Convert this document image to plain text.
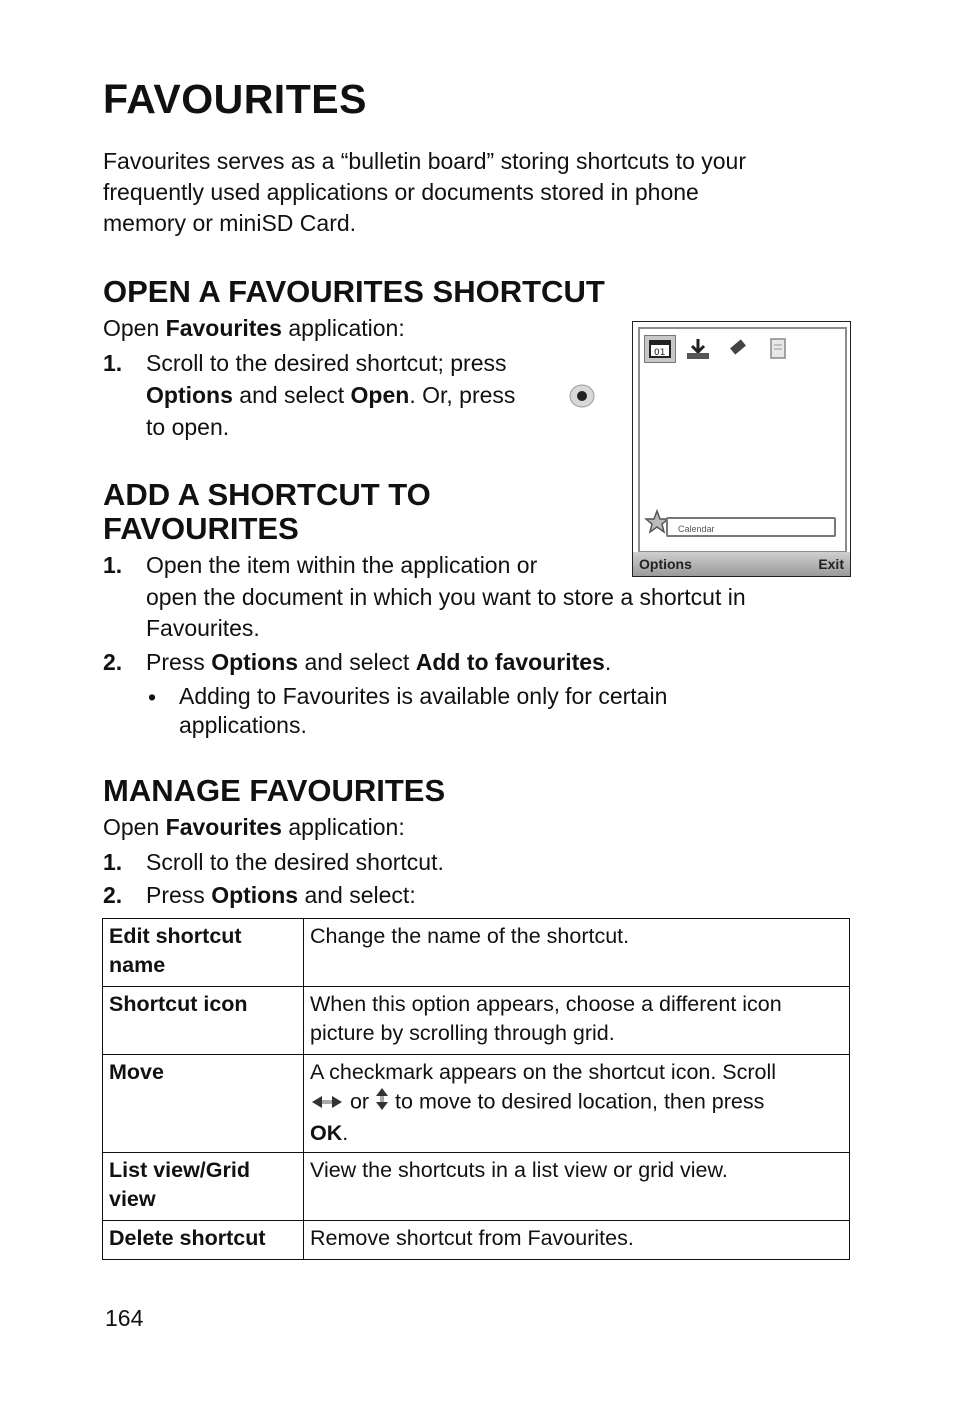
FAVOURITES
Favourites serves as a “bulletin board” storing shortcuts to your
frequently used applications or documents stored in phone
memory or miniSD Card.
OPEN A FAVOURITES SHORTCUT
Open Favourites application:
1. Scroll to the desired shortcut; press
Options and select Open. Or, press
to open.
01
Calendar
Options	Exit
ADD A SHORTCUT TO
FAVOURITES
1. Open the item within the application or
open the document in which you want to store a shortcut in
Favourites.
2. Press Options and select Add to favourites.
• Adding to Favourites is available only for certain
applications.
MANAGE FAVOURITES
Open Favourites application:
1. Scroll to the desired shortcut.
2. Press Options and select:
Edit shortcut
name	Change the name of the shortcut.
Shortcut icon	When this option appears, choose a different icon
picture by scrolling through grid.
Move	A checkmark appears on the shortcut icon. Scroll
or  to move to desired location, then press
OK.
List view/Grid
view	View the shortcuts in a list view or grid view.
Delete shortcut	Remove shortcut from Favourites.
164
